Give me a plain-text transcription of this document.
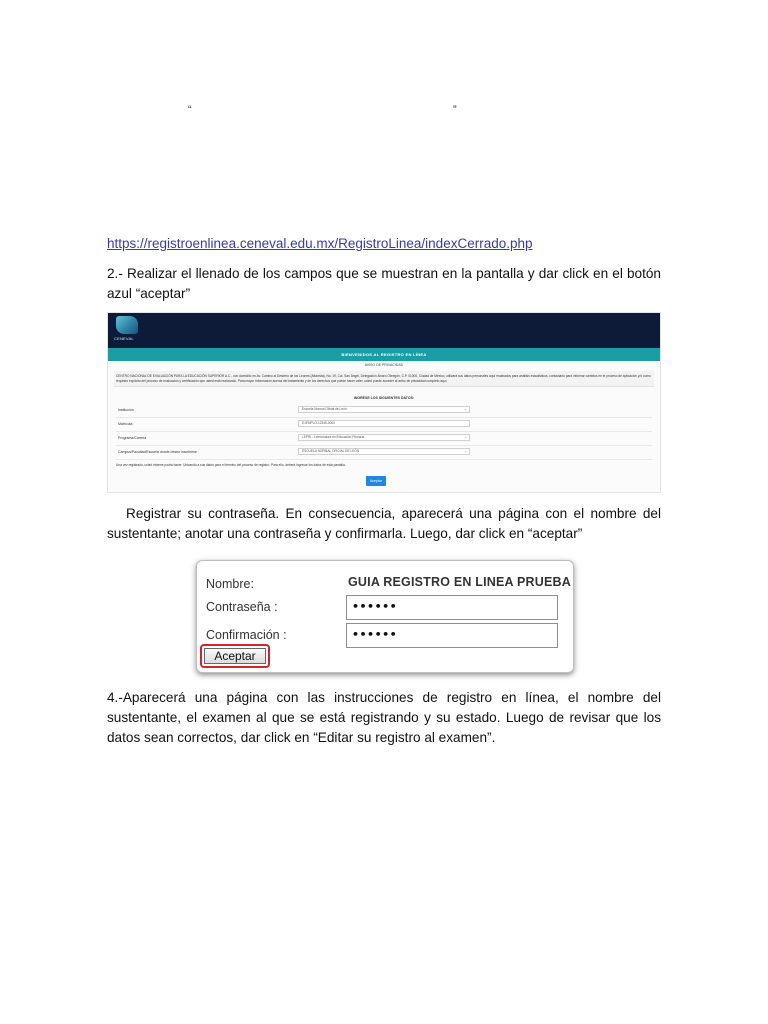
“	”
https://registroenlinea.ceneval.edu.mx/RegistroLinea/indexCerrado.php

2.- Realizar el llenado de los campos que se muestran en la pantalla y dar click en el botón azul “aceptar”

CENEVAL
BIENVENIDOS AL REGISTRO EN LÍNEA
AVISO DE PRIVACIDAD
CENTRO NACIONAL DE EVALUACIÓN PARA LA EDUCACIÓN SUPERIOR A.C., con domicilio en Av. Camino al Desierto de los Leones (Altavista), No. 19, Col. San Ángel, Delegación Álvaro Obregón, C.P. 01000, Ciudad de México, utilizará sus datos personales aquí recabados para análisis estadísticos, contactarlo para informar cambios en el proceso de aplicación y/o como requisito explícito del proceso de evaluación y certificación que usted está realizando. Para mayor información acerca del tratamiento y de los derechos que puede hacer valer, usted puede acceder al aviso de privacidad completo aquí.
INGRESE LOS SIGUIENTES DATOS:
Institución	Escuela Normal Oficial de León	⌄
Matrícula	EJEMPLO-12345-0000
Programa/Carrera	LEPRI - Licenciatura en Educación Primaria	⌄
Campus/Facultad/Escuela donde desea inscribirse	ESCUELA NORMAL OFICIAL DE LEÓN	⌄
Una vez registrado, usted ésteme podrá hacer. Ubicando a sus datos para el término del proceso de registro. Para ello, deberá ingresar los datos de esta pantalla.
Aceptar

Registrar su contraseña. En consecuencia, aparecerá una página con el nombre del sustentante; anotar una contraseña y confirmarla. Luego, dar click en “aceptar”

Nombre:	GUIA REGISTRO EN LINEA PRUEBA
Contraseña :	••••••
Confirmación :	••••••
Aceptar

4.-Aparecerá una página con las instrucciones de registro en línea, el nombre del sustentante, el examen al que se está registrando y su estado. Luego de revisar que los datos sean correctos, dar click en “Editar su registro al examen”.
